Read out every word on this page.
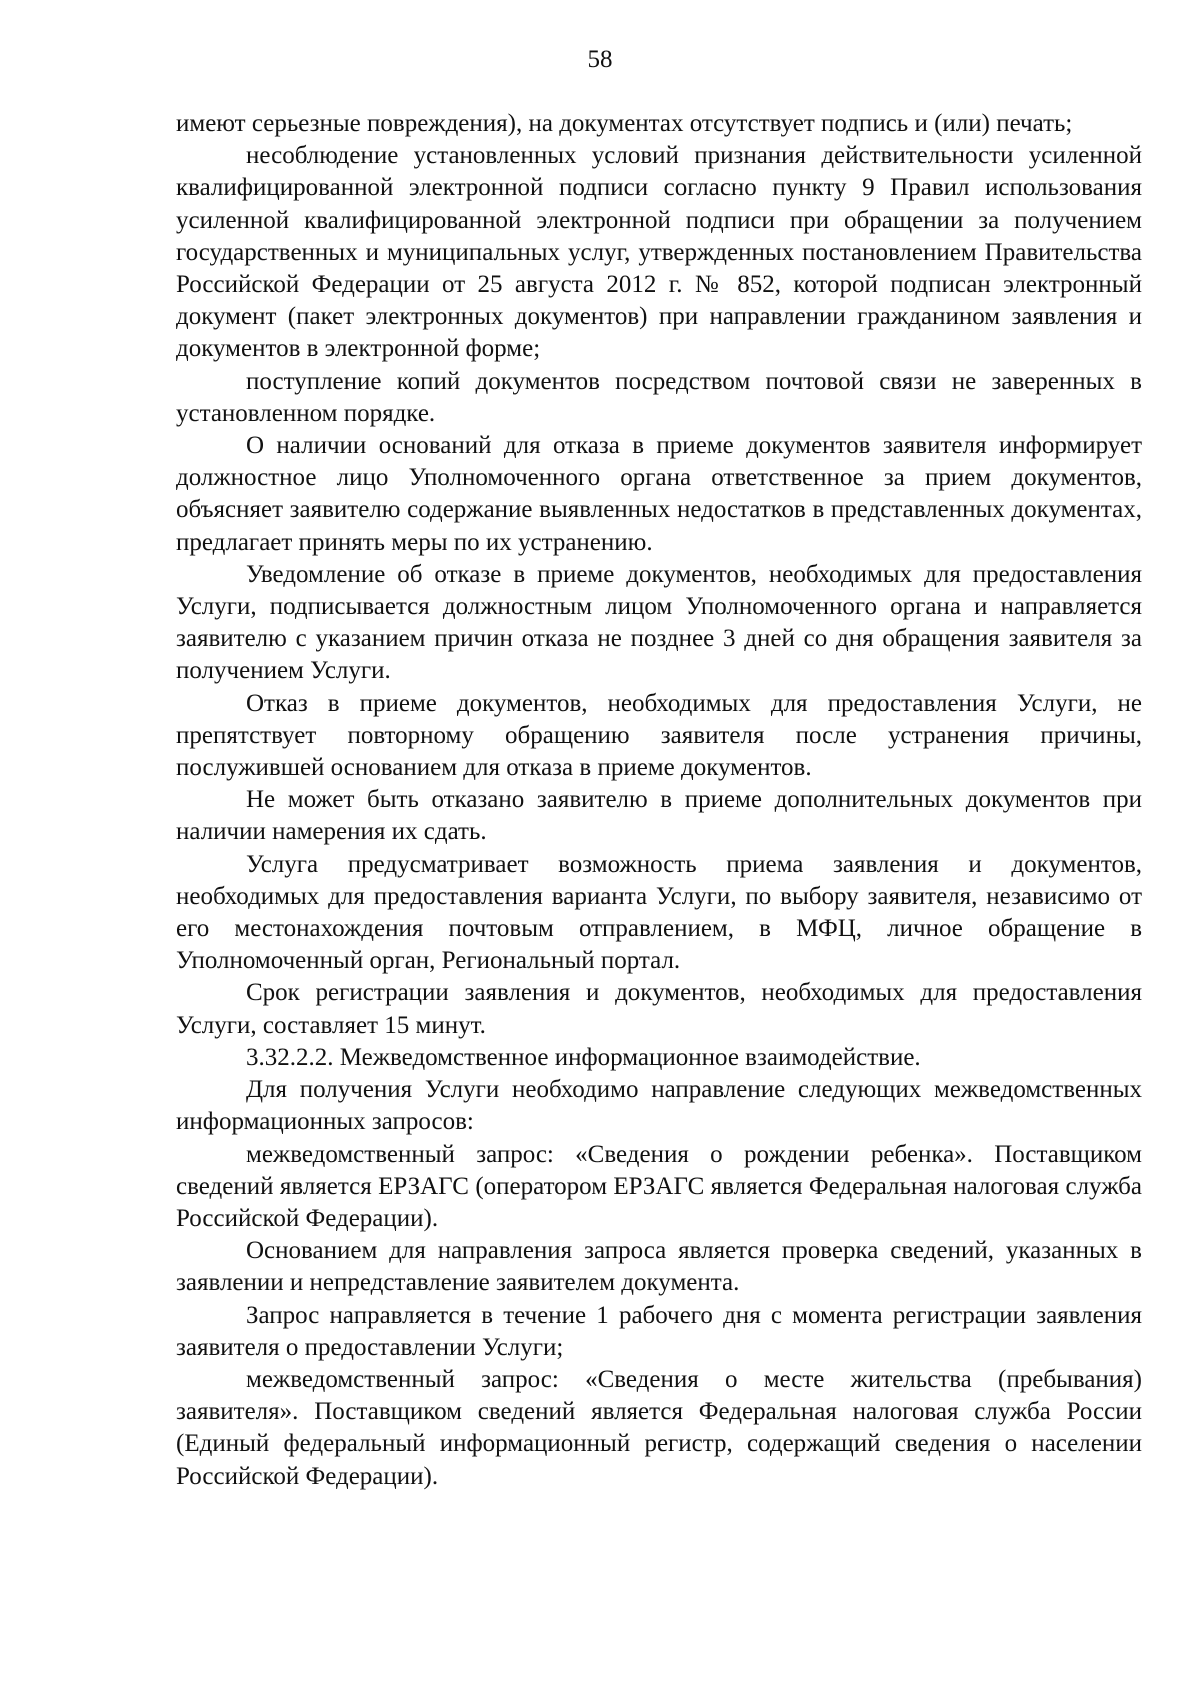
58

имеют серьезные повреждения), на документах отсутствует подпись и (или) печать;

несоблюдение установленных условий признания действительности усиленной квалифицированной электронной подписи согласно пункту 9 Правил использования усиленной квалифицированной электронной подписи при обращении за получением государственных и муниципальных услуг, утвержденных постановлением Правительства Российской Федерации от 25 августа 2012 г. № 852, которой подписан электронный документ (пакет электронных документов) при направлении гражданином заявления и документов в электронной форме;

поступление копий документов посредством почтовой связи не заверенных в установленном порядке.

О наличии оснований для отказа в приеме документов заявителя информирует должностное лицо Уполномоченного органа ответственное за прием документов, объясняет заявителю содержание выявленных недостатков в представленных документах, предлагает принять меры по их устранению.

Уведомление об отказе в приеме документов, необходимых для предоставления Услуги, подписывается должностным лицом Уполномоченного органа и направляется заявителю с указанием причин отказа не позднее 3 дней со дня обращения заявителя за получением Услуги.

Отказ в приеме документов, необходимых для предоставления Услуги, не препятствует повторному обращению заявителя после устранения причины, послужившей основанием для отказа в приеме документов.

Не может быть отказано заявителю в приеме дополнительных документов при наличии намерения их сдать.

Услуга предусматривает возможность приема заявления и документов, необходимых для предоставления варианта Услуги, по выбору заявителя, независимо от его местонахождения почтовым отправлением, в МФЦ, личное обращение в Уполномоченный орган, Региональный портал.

Срок регистрации заявления и документов, необходимых для предоставления Услуги, составляет 15 минут.

3.32.2.2. Межведомственное информационное взаимодействие.

Для получения Услуги необходимо направление следующих межведомственных информационных запросов:

межведомственный запрос: «Сведения о рождении ребенка». Поставщиком сведений является ЕРЗАГС (оператором ЕРЗАГС является Федеральная налоговая служба Российской Федерации).

Основанием для направления запроса является проверка сведений, указанных в заявлении и непредставление заявителем документа.

Запрос направляется в течение 1 рабочего дня с момента регистрации заявления заявителя о предоставлении Услуги;

межведомственный запрос: «Сведения о месте жительства (пребывания) заявителя». Поставщиком сведений является Федеральная налоговая служба России (Единый федеральный информационный регистр, содержащий сведения о населении Российской Федерации).
